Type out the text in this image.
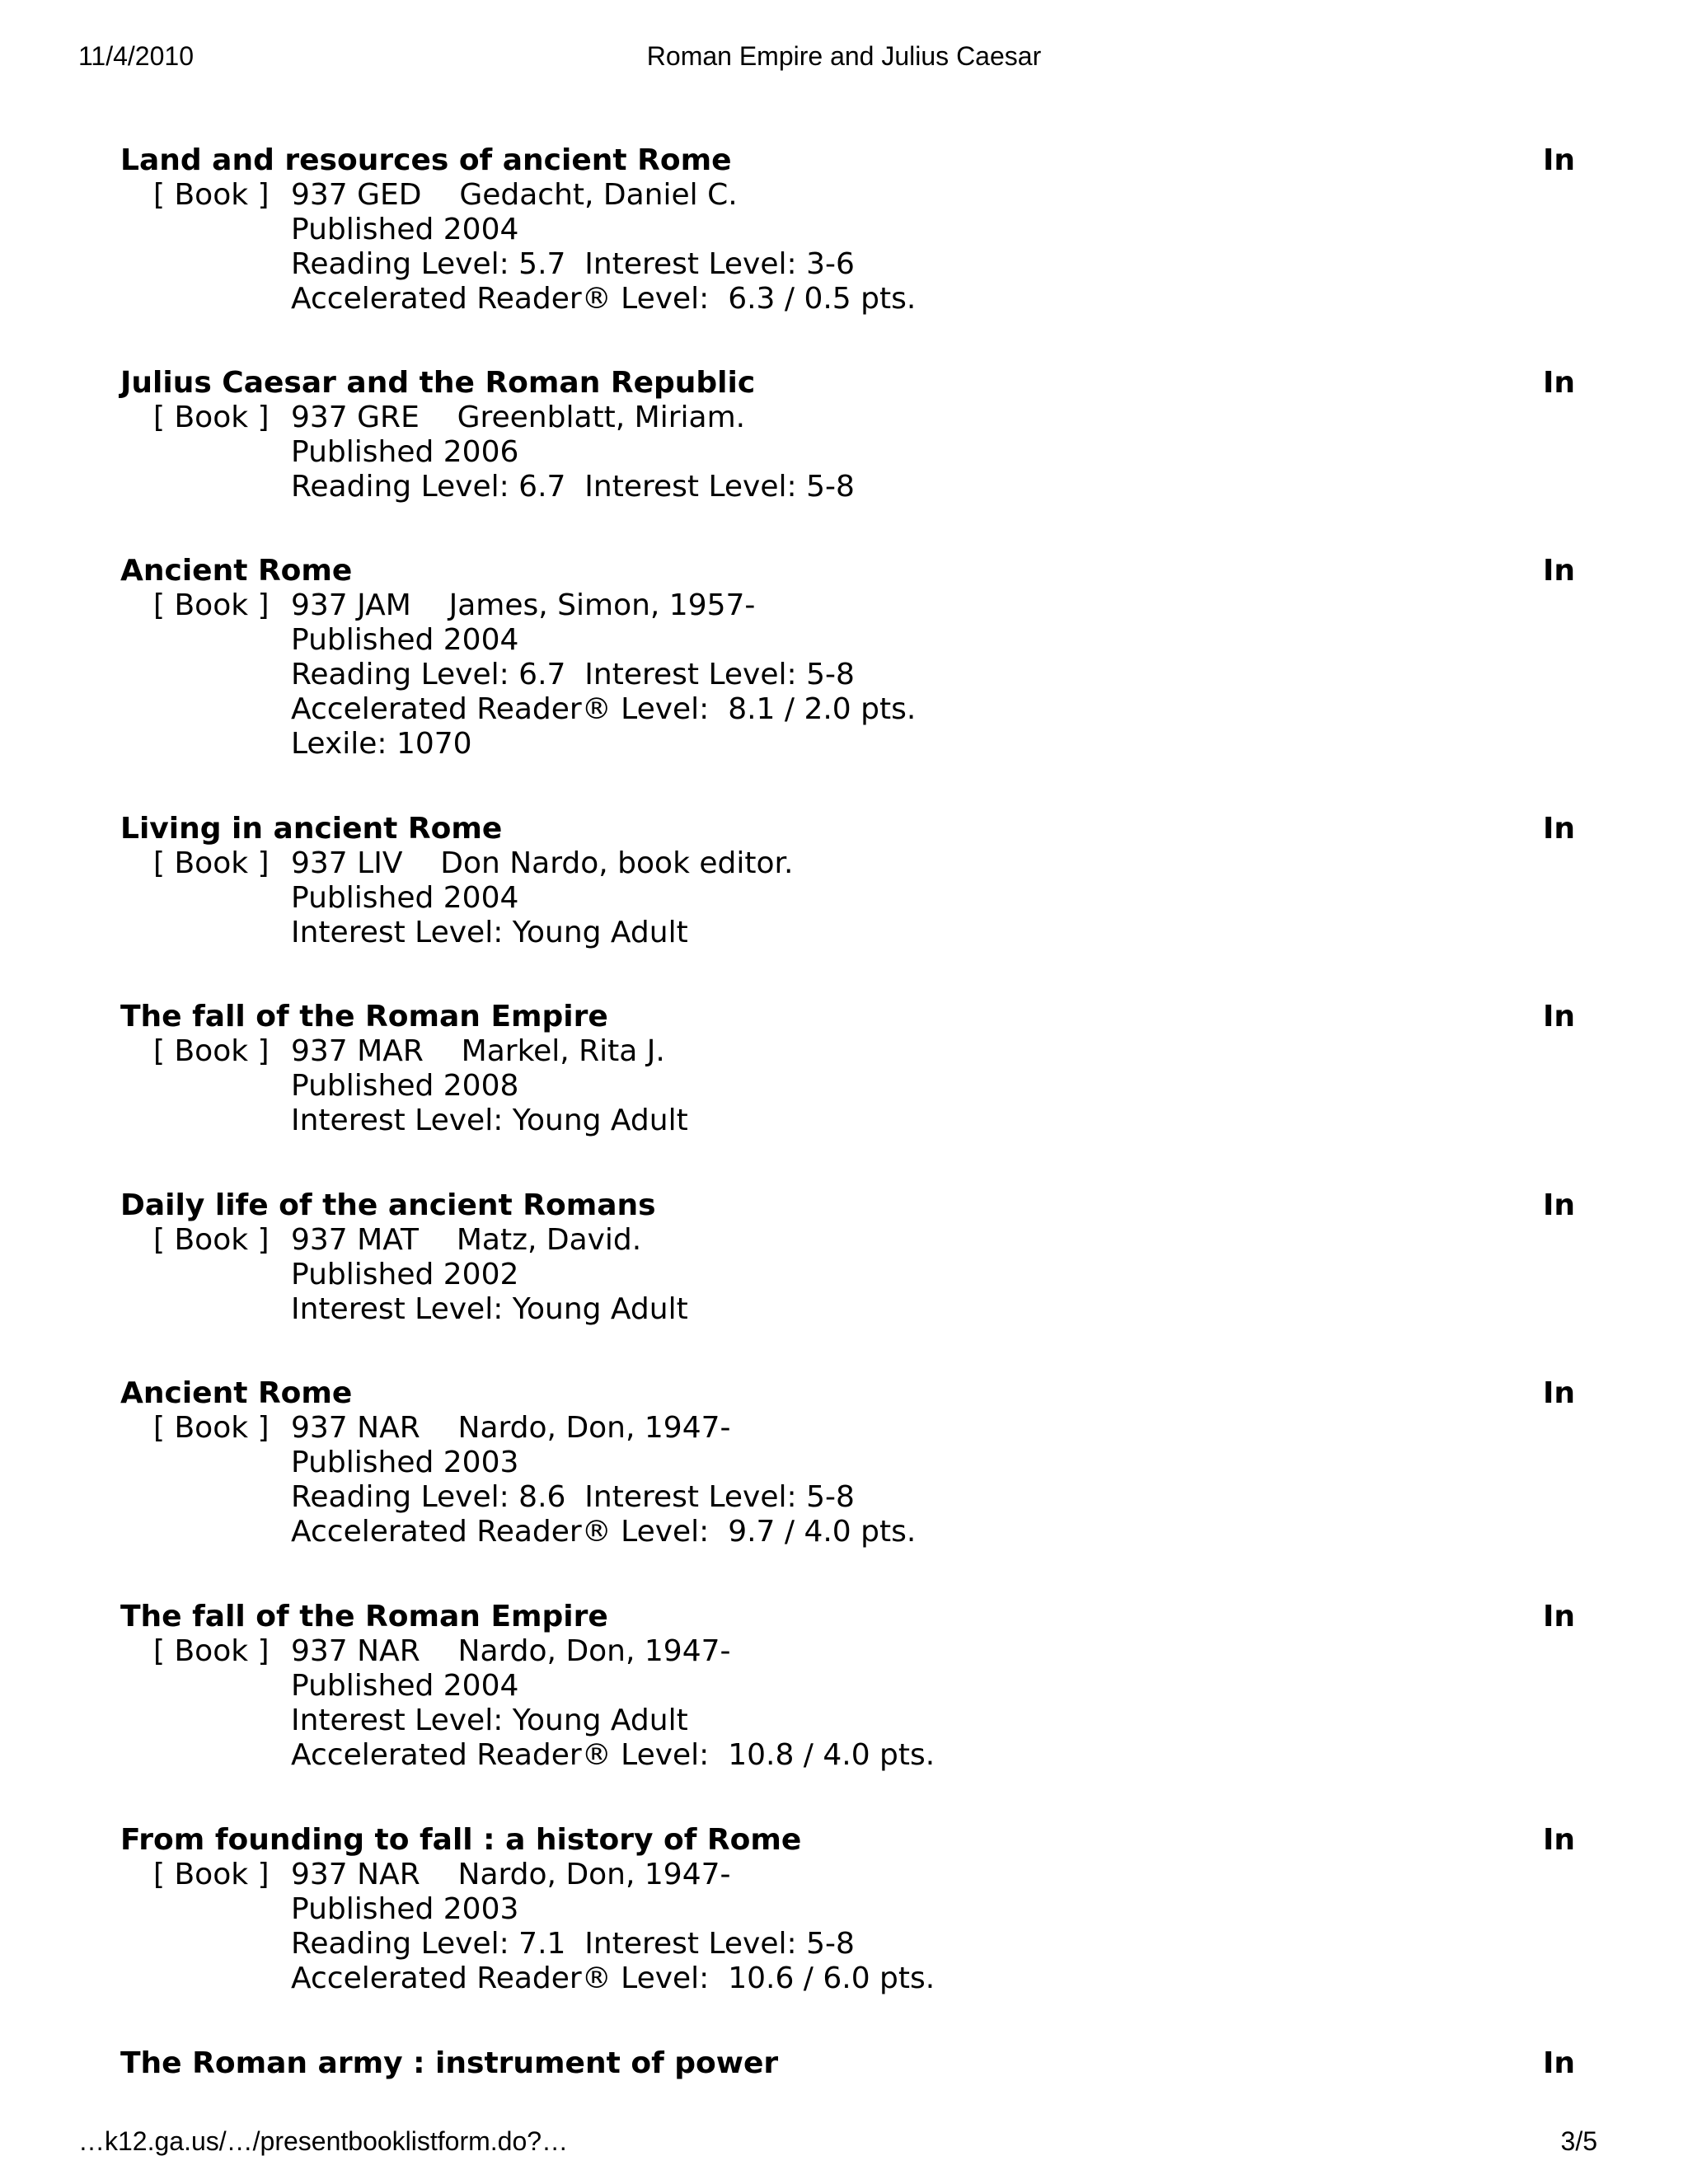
11/4/2010	Roman Empire and Julius Caesar

Land and resources of ancient Rome	In
[ Book ] 937 GED Gedacht, Daniel C.
Published 2004
Reading Level: 5.7  Interest Level: 3-6
Accelerated Reader® Level:  6.3 / 0.5 pts.
Julius Caesar and the Roman Republic	In
[ Book ] 937 GRE Greenblatt, Miriam.
Published 2006
Reading Level: 6.7  Interest Level: 5-8
Ancient Rome	In
[ Book ] 937 JAM James, Simon, 1957-
Published 2004
Reading Level: 6.7  Interest Level: 5-8
Accelerated Reader® Level:  8.1 / 2.0 pts.
Lexile: 1070
Living in ancient Rome	In
[ Book ] 937 LIV Don Nardo, book editor.
Published 2004
Interest Level: Young Adult
The fall of the Roman Empire	In
[ Book ] 937 MAR Markel, Rita J.
Published 2008
Interest Level: Young Adult
Daily life of the ancient Romans	In
[ Book ] 937 MAT Matz, David.
Published 2002
Interest Level: Young Adult
Ancient Rome	In
[ Book ] 937 NAR Nardo, Don, 1947-
Published 2003
Reading Level: 8.6  Interest Level: 5-8
Accelerated Reader® Level:  9.7 / 4.0 pts.
The fall of the Roman Empire	In
[ Book ] 937 NAR Nardo, Don, 1947-
Published 2004
Interest Level: Young Adult
Accelerated Reader® Level:  10.8 / 4.0 pts.
From founding to fall : a history of Rome	In
[ Book ] 937 NAR Nardo, Don, 1947-
Published 2003
Reading Level: 7.1  Interest Level: 5-8
Accelerated Reader® Level:  10.6 / 6.0 pts.
The Roman army : instrument of power	In
…k12.ga.us/…/presentbooklistform.do?…	3/5
